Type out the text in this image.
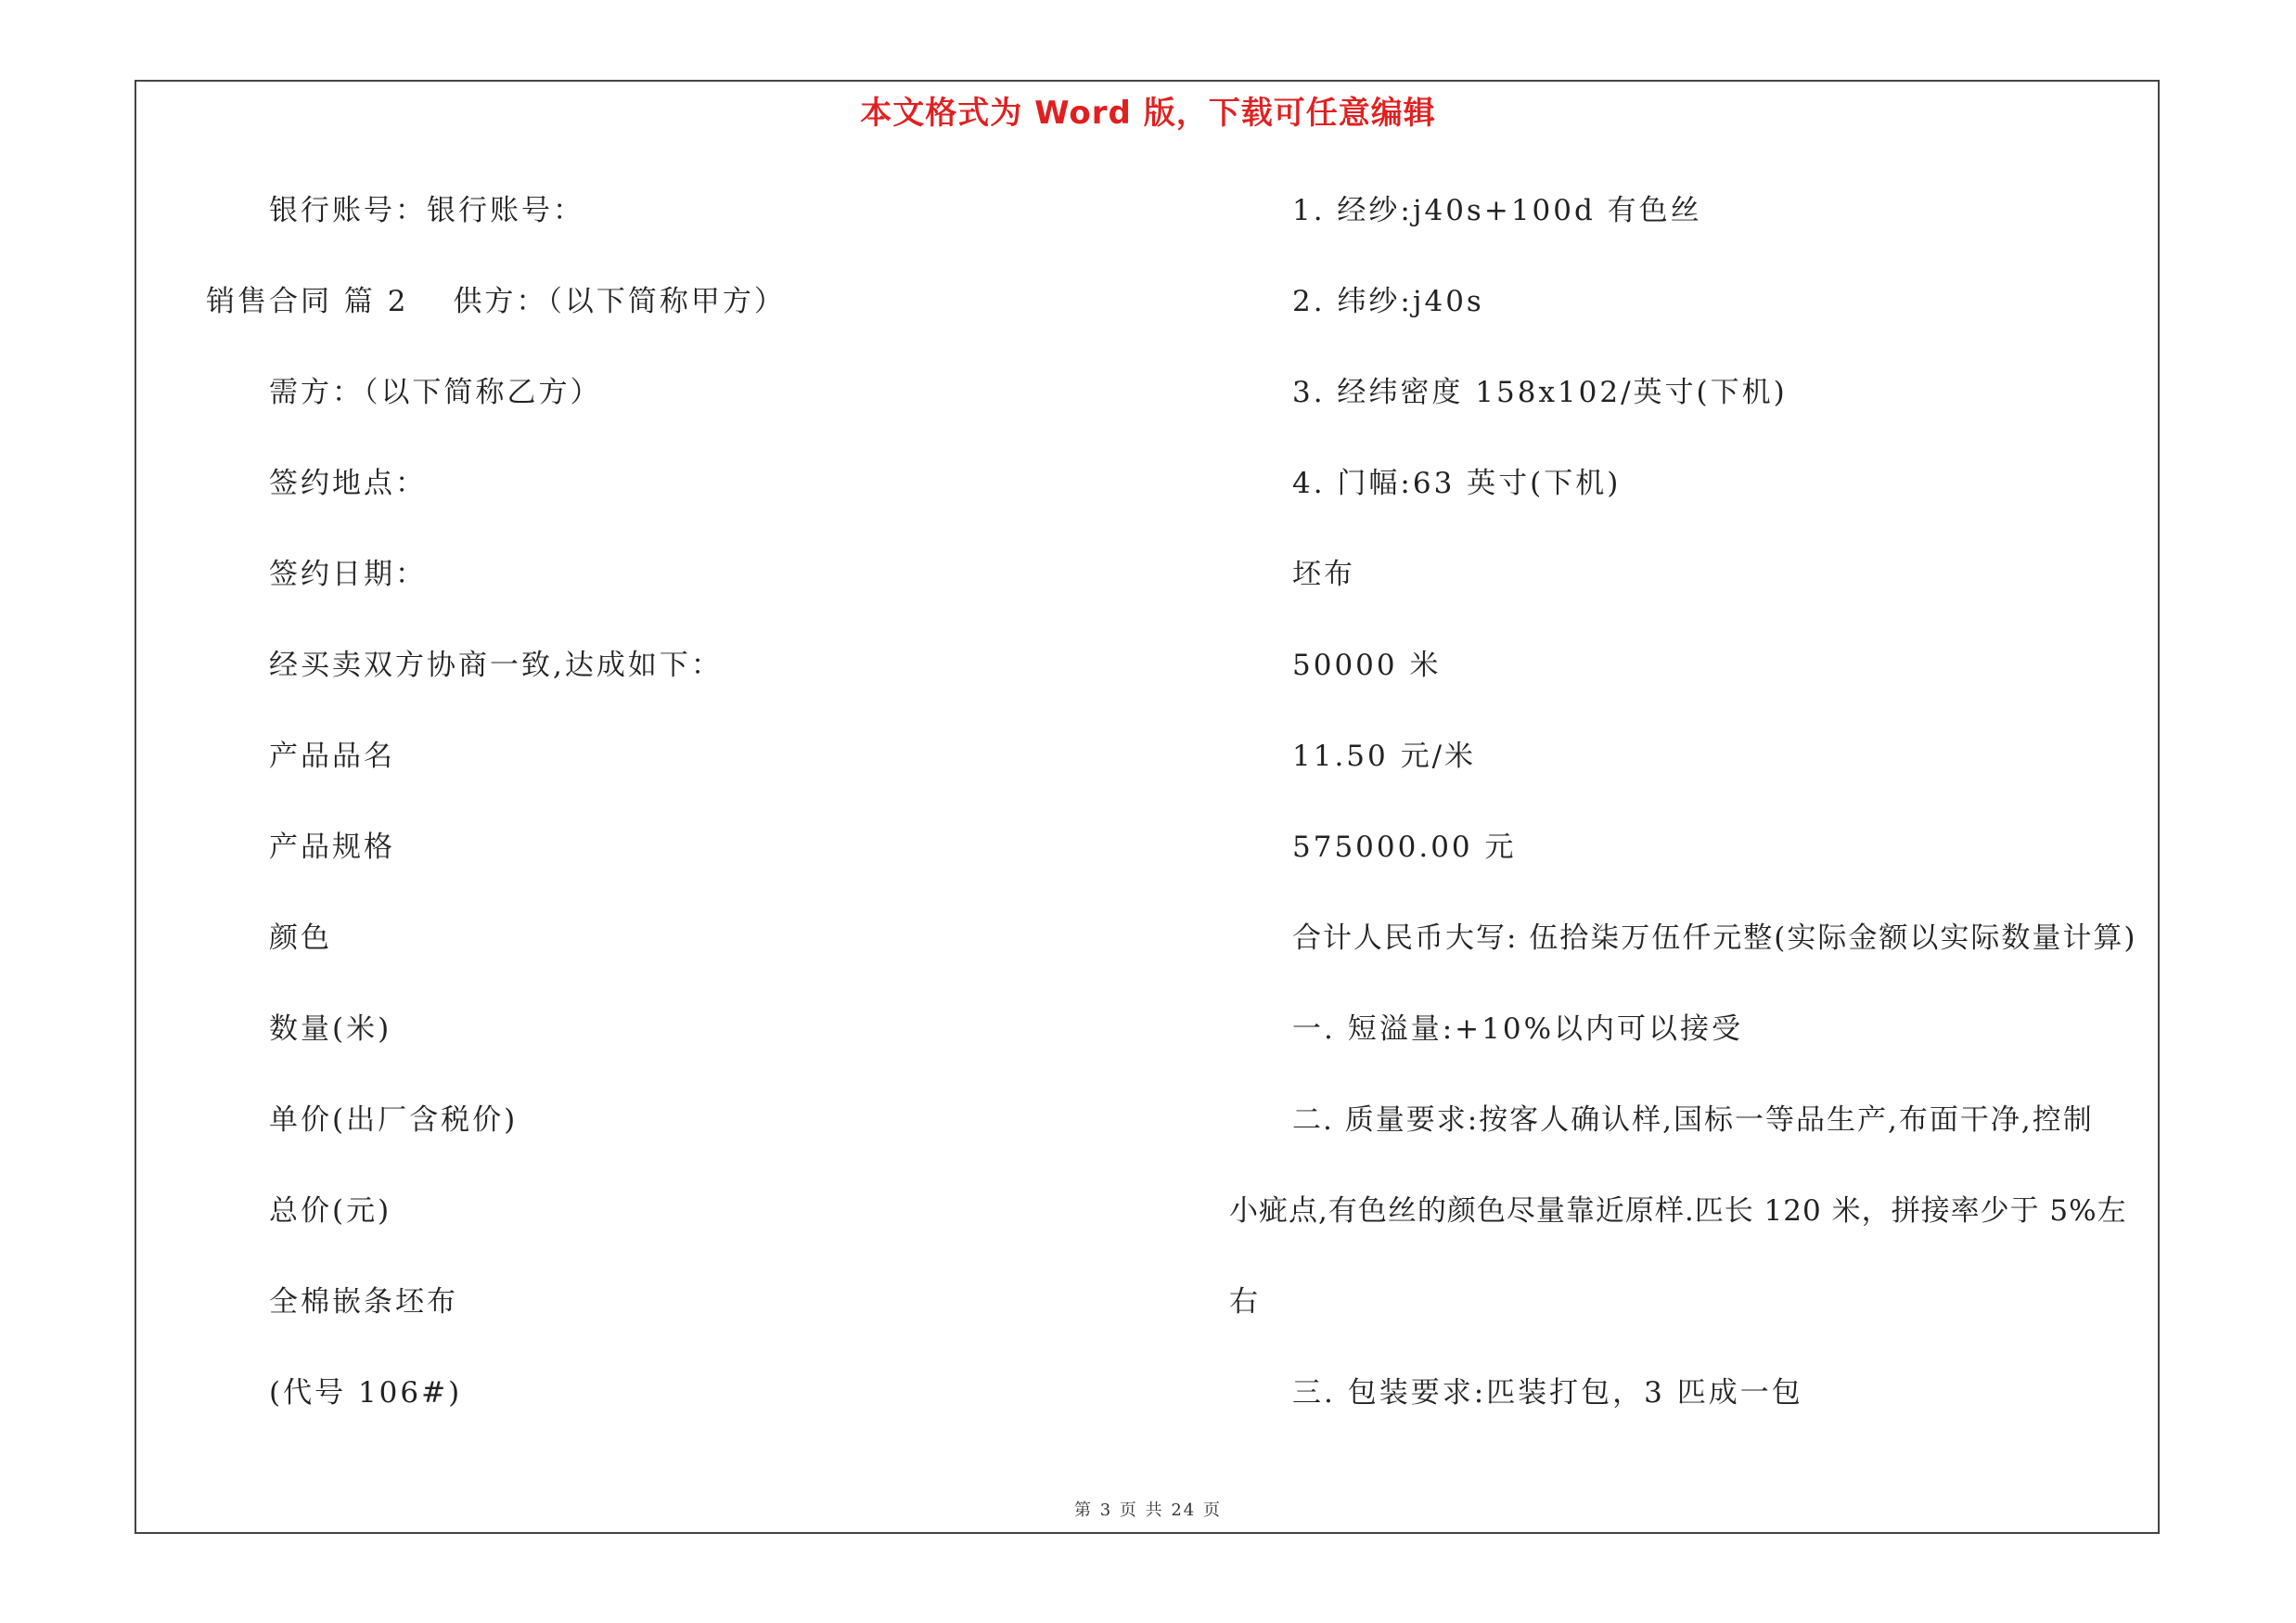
本文格式为 Word 版，下载可任意编辑
银行账号：银行账号：
销售合同 篇 2 供方：（以下简称甲方）
需方：（以下简称乙方）
签约地点：
签约日期：
经买卖双方协商一致,达成如下：
产品品名
产品规格
颜色
数量(米)
单价(出厂含税价)
总价(元)
全棉嵌条坯布
(代号 106#)
1. 经纱:j40s+100d 有色丝
2. 纬纱:j40s
3. 经纬密度 158x102/英寸(下机)
4. 门幅:63 英寸(下机)
坯布
50000 米
11.50 元/米
575000.00 元
合计人民币大写: 伍拾柒万伍仟元整(实际金额以实际数量计算)
一. 短溢量:+10%以内可以接受
二. 质量要求:按客人确认样,国标一等品生产,布面干净,控制
小疵点,有色丝的颜色尽量靠近原样.匹长 120 米，拼接率少于 5%左
右
三. 包装要求:匹装打包，3 匹成一包
第 3 页 共 24 页
